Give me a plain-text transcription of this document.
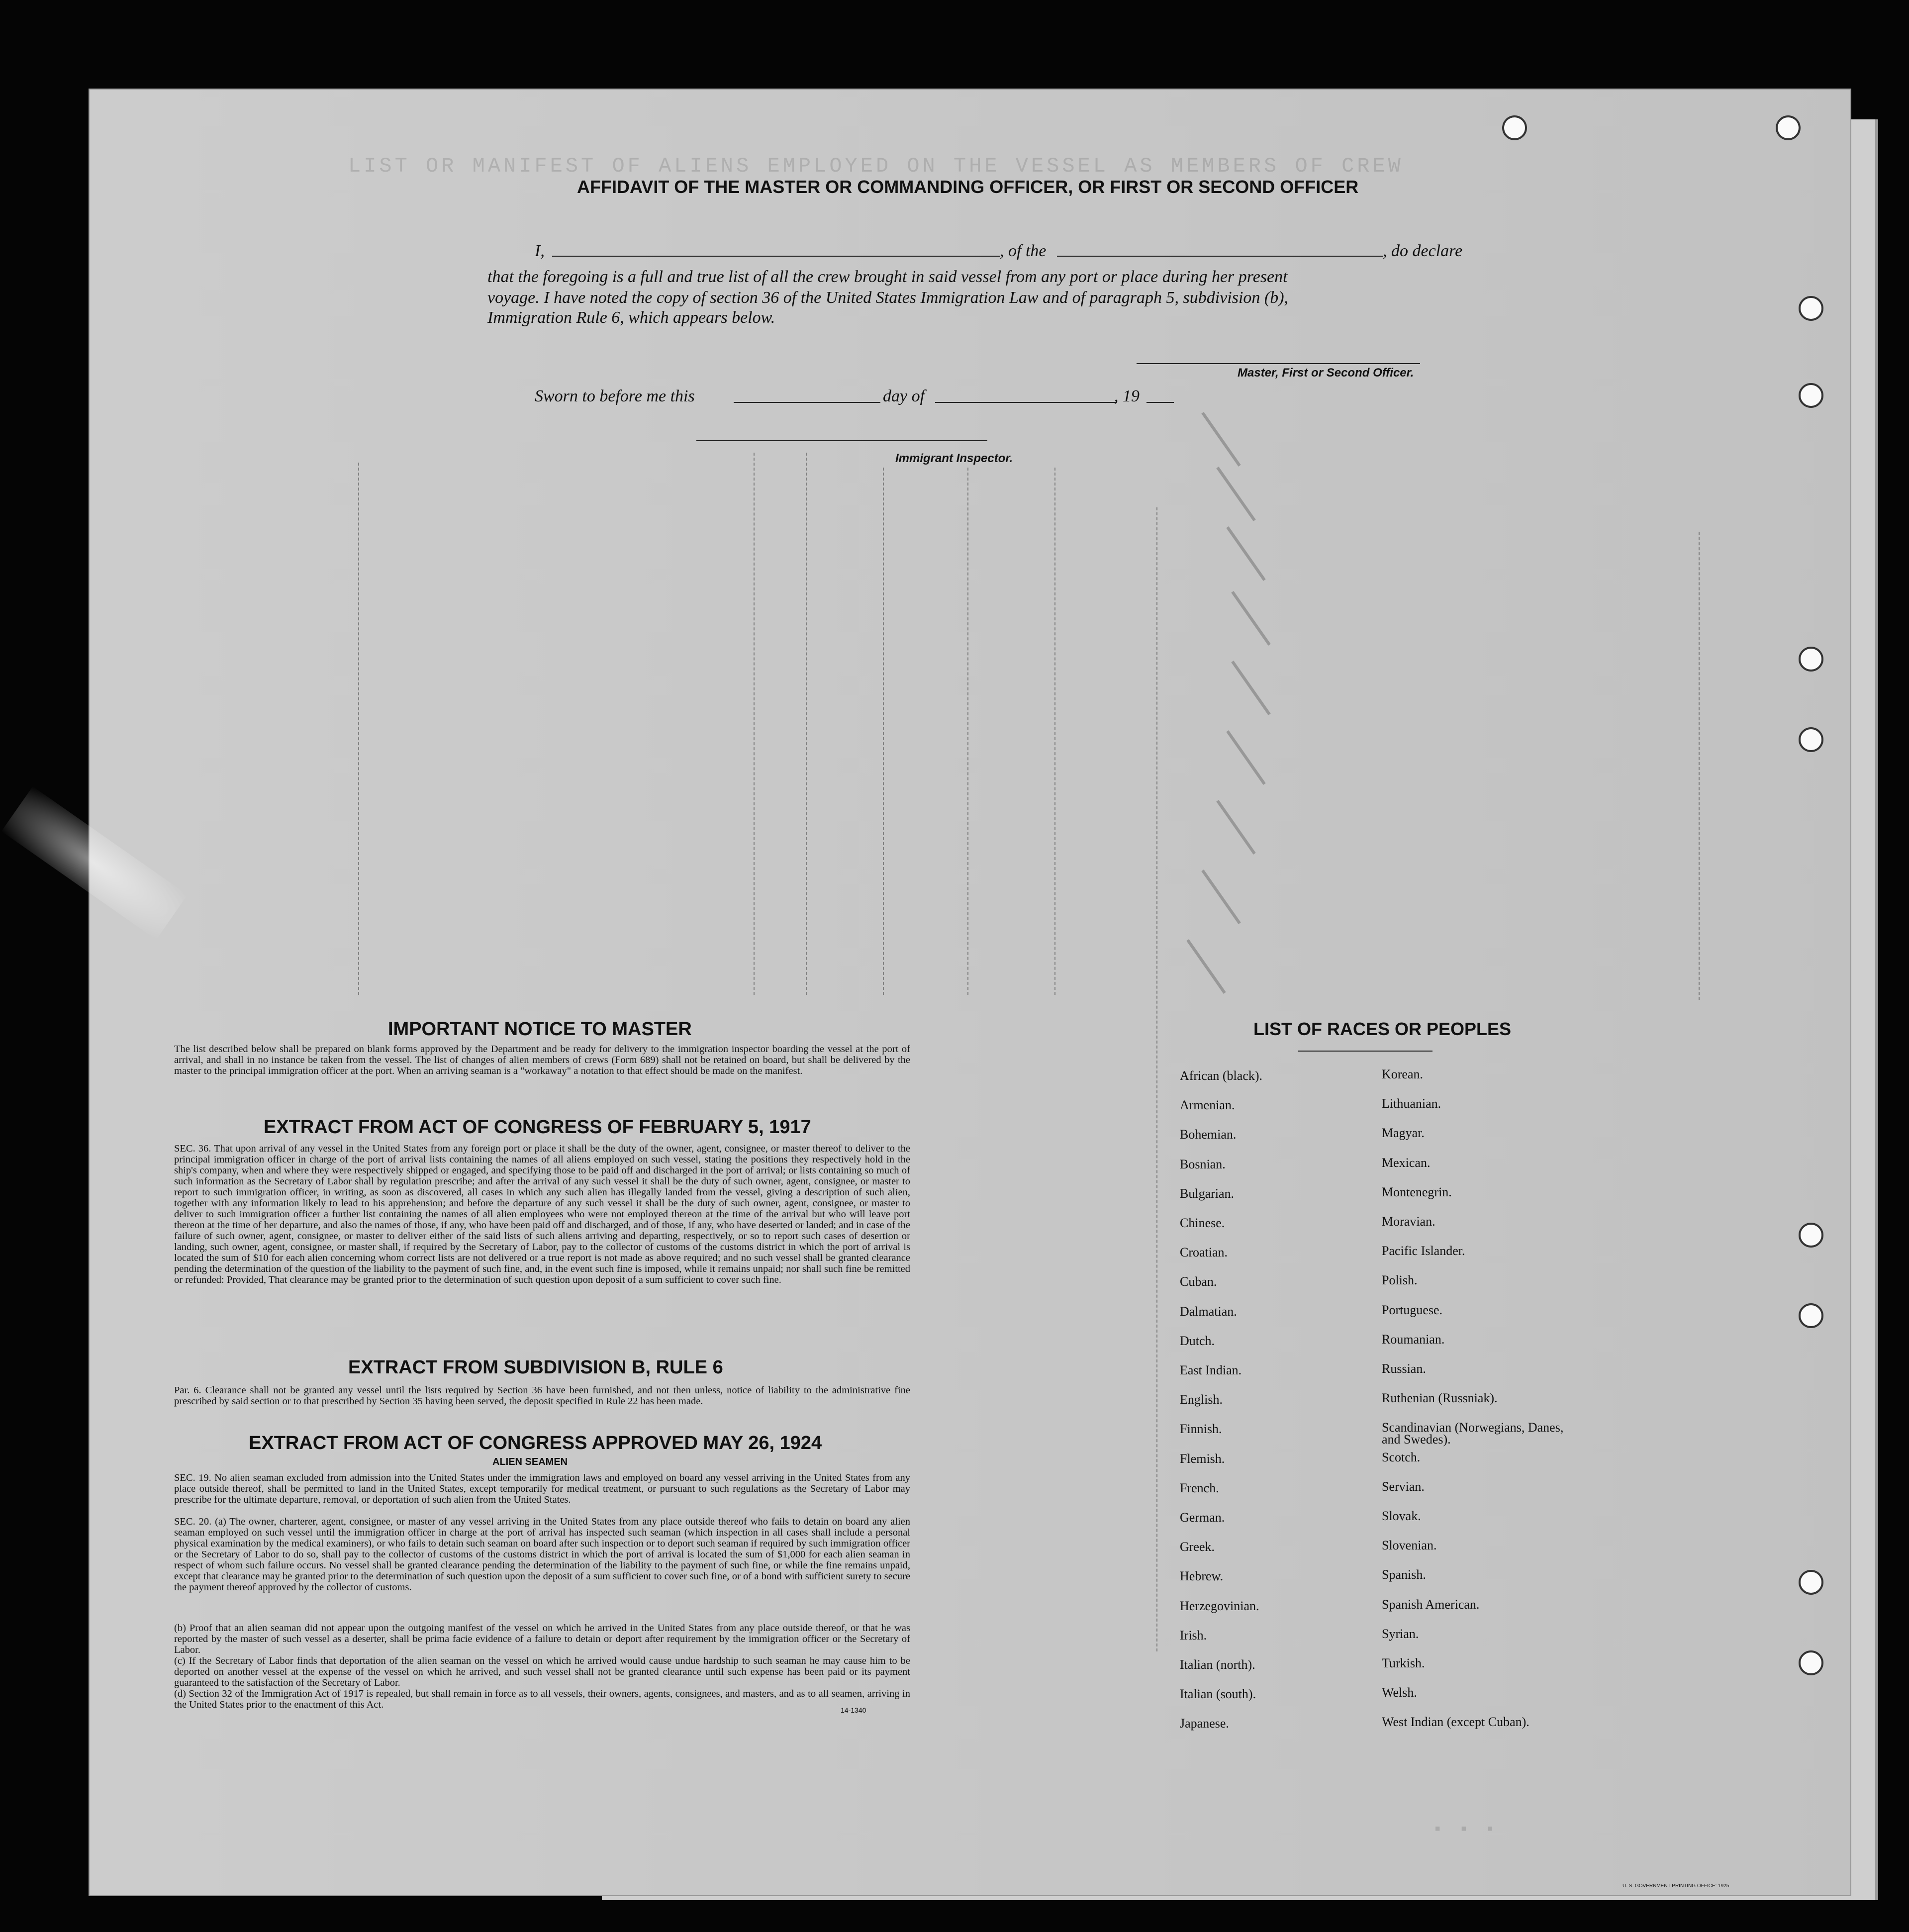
LIST OR MANIFEST OF ALIENS EMPLOYED ON THE VESSEL AS MEMBERS OF CREW
▪ ▪ ▪
AFFIDAVIT OF THE MASTER OR COMMANDING OFFICER, OR FIRST OR SECOND OFFICER
I,	, of the	, do declare
that the foregoing is a full and true list of all the crew brought in said vessel from any port or place during her present
voyage. I have noted the copy of section 36 of the United States Immigration Law and of paragraph 5, subdivision (b),
Immigration Rule 6, which appears below.
Master, First or Second Officer.
Sworn to before me this	day of	, 19
Immigrant Inspector.
IMPORTANT NOTICE TO MASTER
The list described below shall be prepared on blank forms approved by the Department and be ready for delivery to the immigration inspector boarding the vessel at the port of arrival, and shall in no instance be taken from the vessel. The list of changes of alien members of crews (Form 689) shall not be retained on board, but shall be delivered by the master to the principal immigration officer at the port. When an arriving seaman is a "workaway" a notation to that effect should be made on the manifest.
EXTRACT FROM ACT OF CONGRESS OF FEBRUARY 5, 1917
SEC. 36. That upon arrival of any vessel in the United States from any foreign port or place it shall be the duty of the owner, agent, consignee, or master thereof to deliver to the principal immigration officer in charge of the port of arrival lists containing the names of all aliens employed on such vessel, stating the positions they respectively hold in the ship's company, when and where they were respectively shipped or engaged, and specifying those to be paid off and discharged in the port of arrival; or lists containing so much of such information as the Secretary of Labor shall by regulation prescribe; and after the arrival of any such vessel it shall be the duty of such owner, agent, consignee, or master to report to such immigration officer, in writing, as soon as discovered, all cases in which any such alien has illegally landed from the vessel, giving a description of such alien, together with any information likely to lead to his apprehension; and before the departure of any such vessel it shall be the duty of such owner, agent, consignee, or master to deliver to such immigration officer a further list containing the names of all alien employees who were not employed thereon at the time of the arrival but who will leave port thereon at the time of her departure, and also the names of those, if any, who have been paid off and discharged, and of those, if any, who have deserted or landed; and in case of the failure of such owner, agent, consignee, or master to deliver either of the said lists of such aliens arriving and departing, respectively, or so to report such cases of desertion or landing, such owner, agent, consignee, or master shall, if required by the Secretary of Labor, pay to the collector of customs of the customs district in which the port of arrival is located the sum of $10 for each alien concerning whom correct lists are not delivered or a true report is not made as above required; and no such vessel shall be granted clearance pending the determination of the question of the liability to the payment of such fine, and, in the event such fine is imposed, while it remains unpaid; nor shall such fine be remitted or refunded: Provided, That clearance may be granted prior to the determination of such question upon deposit of a sum sufficient to cover such fine.
EXTRACT FROM SUBDIVISION B, RULE 6
Par. 6. Clearance shall not be granted any vessel until the lists required by Section 36 have been furnished, and not then unless, notice of liability to the administrative fine prescribed by said section or to that prescribed by Section 35 having been served, the deposit specified in Rule 22 has been made.
EXTRACT FROM ACT OF CONGRESS APPROVED MAY 26, 1924
ALIEN SEAMEN
SEC. 19. No alien seaman excluded from admission into the United States under the immigration laws and employed on board any vessel arriving in the United States from any place outside thereof, shall be permitted to land in the United States, except temporarily for medical treatment, or pursuant to such regulations as the Secretary of Labor may prescribe for the ultimate departure, removal, or deportation of such alien from the United States.
SEC. 20. (a) The owner, charterer, agent, consignee, or master of any vessel arriving in the United States from any place outside thereof who fails to detain on board any alien seaman employed on such vessel until the immigration officer in charge at the port of arrival has inspected such seaman (which inspection in all cases shall include a personal physical examination by the medical examiners), or who fails to detain such seaman on board after such inspection or to deport such seaman if required by such immigration officer or the Secretary of Labor to do so, shall pay to the collector of customs of the customs district in which the port of arrival is located the sum of $1,000 for each alien seaman in respect of whom such failure occurs. No vessel shall be granted clearance pending the determination of the liability to the payment of such fine, or while the fine remains unpaid, except that clearance may be granted prior to the determination of such question upon the deposit of a sum sufficient to cover such fine, or of a bond with sufficient surety to secure the payment thereof approved by the collector of customs.
(b) Proof that an alien seaman did not appear upon the outgoing manifest of the vessel on which he arrived in the United States from any place outside thereof, or that he was reported by the master of such vessel as a deserter, shall be prima facie evidence of a failure to detain or deport after requirement by the immigration officer or the Secretary of Labor.
(c) If the Secretary of Labor finds that deportation of the alien seaman on the vessel on which he arrived would cause undue hardship to such seaman he may cause him to be deported on another vessel at the expense of the vessel on which he arrived, and such vessel shall not be granted clearance until such expense has been paid or its payment guaranteed to the satisfaction of the Secretary of Labor.
(d) Section 32 of the Immigration Act of 1917 is repealed, but shall remain in force as to all vessels, their owners, agents, consignees, and masters, and as to all seamen, arriving in the United States prior to the enactment of this Act.	14-1340
LIST OF RACES OR PEOPLES
African (black).
Armenian.
Bohemian.
Bosnian.
Bulgarian.
Chinese.
Croatian.
Cuban.
Dalmatian.
Dutch.
East Indian.
English.
Finnish.
Flemish.
French.
German.
Greek.
Hebrew.
Herzegovinian.
Irish.
Italian (north).
Italian (south).
Japanese.
Korean.
Lithuanian.
Magyar.
Mexican.
Montenegrin.
Moravian.
Pacific Islander.
Polish.
Portuguese.
Roumanian.
Russian.
Ruthenian (Russniak).
Scandinavian (Norwegians, Danes, and Swedes).
Scotch.
Servian.
Slovak.
Slovenian.
Spanish.
Spanish American.
Syrian.
Turkish.
Welsh.
West Indian (except Cuban).
U. S. GOVERNMENT PRINTING OFFICE: 1925
